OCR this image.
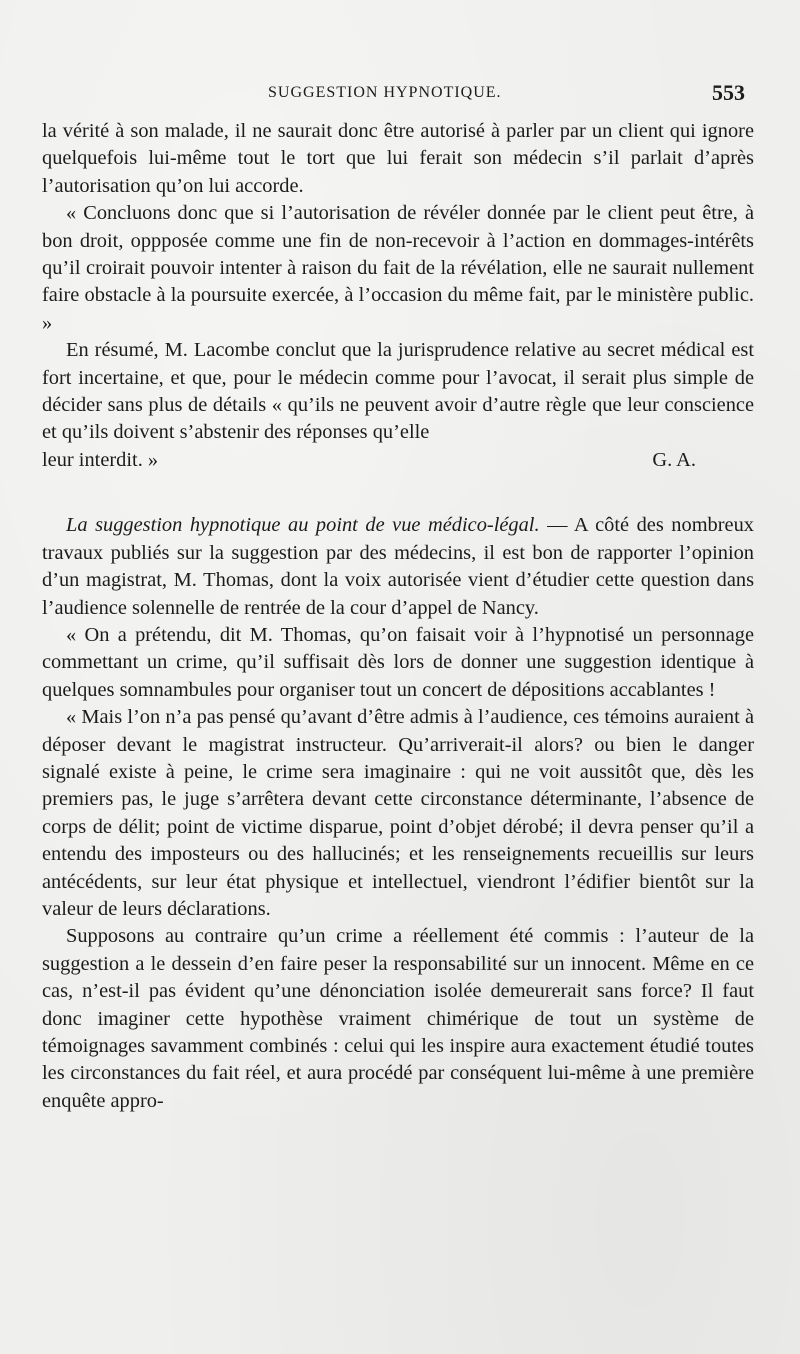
SUGGESTION HYPNOTIQUE.	553

la vérité à son malade, il ne saurait donc être autorisé à parler par un client qui ignore quelquefois lui-même tout le tort que lui ferait son médecin s’il parlait d’après l’autorisation qu’on lui accorde.

« Concluons donc que si l’autorisation de révéler donnée par le client peut être, à bon droit, oppposée comme une fin de non-recevoir à l’action en dommages-intérêts qu’il croirait pouvoir intenter à raison du fait de la révélation, elle ne saurait nullement faire obstacle à la poursuite exercée, à l’occasion du même fait, par le ministère public. »

En résumé, M. Lacombe conclut que la jurisprudence relative au secret médical est fort incertaine, et que, pour le médecin comme pour l’avocat, il serait plus simple de décider sans plus de détails « qu’ils ne peuvent avoir d’autre règle que leur conscience et qu’ils doivent s’abstenir des réponses qu’elle

leur interdit. »	G. A.

La suggestion hypnotique au point de vue médico-légal. — A côté des nombreux travaux publiés sur la suggestion par des médecins, il est bon de rapporter l’opinion d’un magistrat, M. Thomas, dont la voix autorisée vient d’étudier cette question dans l’audience solennelle de rentrée de la cour d’appel de Nancy.

« On a prétendu, dit M. Thomas, qu’on faisait voir à l’hypnotisé un personnage commettant un crime, qu’il suffisait dès lors de donner une suggestion identique à quelques somnambules pour organiser tout un concert de dépositions accablantes !

« Mais l’on n’a pas pensé qu’avant d’être admis à l’audience, ces témoins auraient à déposer devant le magistrat instructeur. Qu’arriverait-il alors? ou bien le danger signalé existe à peine, le crime sera imaginaire : qui ne voit aussitôt que, dès les premiers pas, le juge s’arrêtera devant cette circonstance déterminante, l’absence de corps de délit; point de victime disparue, point d’objet dérobé; il devra penser qu’il a entendu des imposteurs ou des hallucinés; et les renseignements recueillis sur leurs antécédents, sur leur état physique et intellectuel, viendront l’édifier bientôt sur la valeur de leurs déclarations.

Supposons au contraire qu’un crime a réellement été commis : l’auteur de la suggestion a le dessein d’en faire peser la responsabilité sur un innocent. Même en ce cas, n’est-il pas évident qu’une dénonciation isolée demeurerait sans force? Il faut donc imaginer cette hypothèse vraiment chimérique de tout un système de témoignages savamment combinés : celui qui les inspire aura exactement étudié toutes les circonstances du fait réel, et aura procédé par conséquent lui-même à une première enquête appro-
